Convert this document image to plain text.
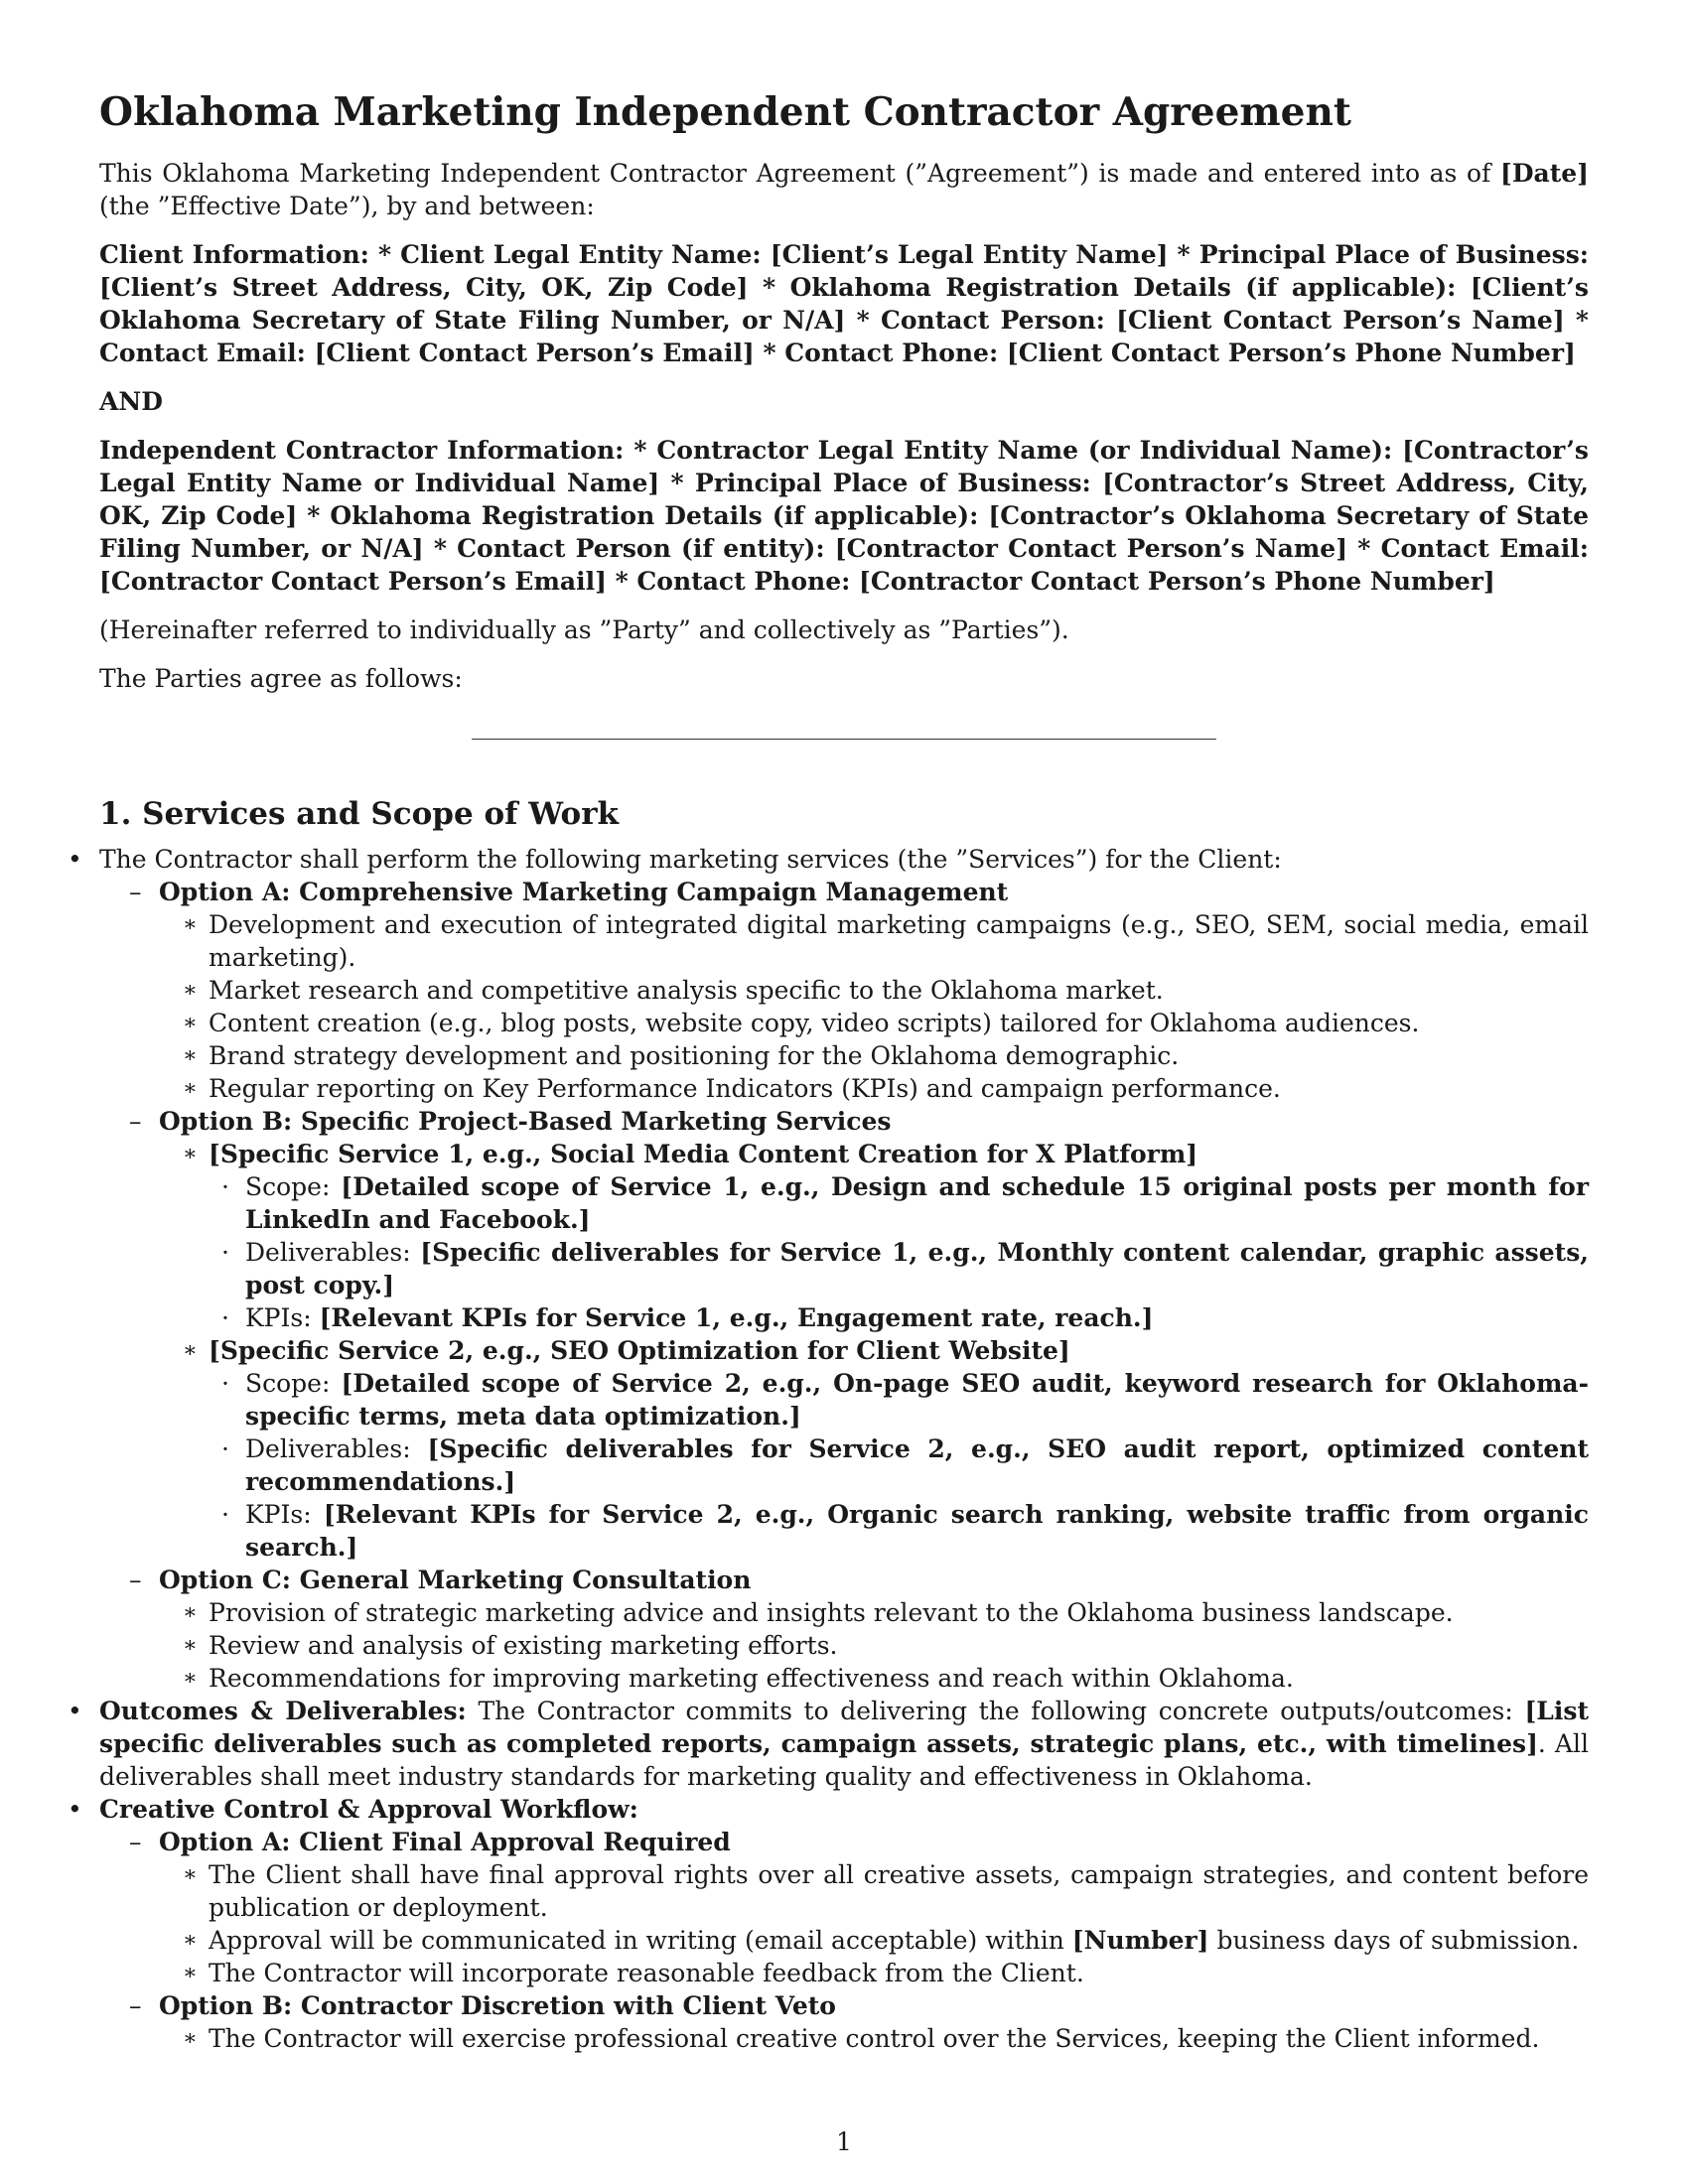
Oklahoma Marketing Independent Contractor Agreement

This Oklahoma Marketing Independent Contractor Agreement (”Agreement”) is made and entered into as of [Date] (the ”Effective Date”), by and between:

Client Information: * Client Legal Entity Name: [Client’s Legal Entity Name] * Principal Place of Business: [Client’s Street Address, City, OK, Zip Code] * Oklahoma Registration Details (if applicable): [Client’s Oklahoma Secretary of State Filing Number, or N/A] * Contact Person: [Client Contact Person’s Name] * Contact Email: [Client Contact Person’s Email] * Contact Phone: [Client Contact Person’s Phone Number]

AND

Independent Contractor Information: * Contractor Legal Entity Name (or Individual Name): [Contractor’s Legal Entity Name or Individual Name] * Principal Place of Business: [Contractor’s Street Address, City, OK, Zip Code] * Oklahoma Registration Details (if applicable): [Contractor’s Oklahoma Secretary of State Filing Number, or N/A] * Contact Person (if entity): [Contractor Contact Person’s Name] * Contact Email: [Contractor Contact Person’s Email] * Contact Phone: [Contractor Contact Person’s Phone Number]

(Hereinafter referred to individually as ”Party” and collectively as ”Parties”).

The Parties agree as follows:

1. Services and Scope of Work
• The Contractor shall perform the following marketing services (the ”Services”) for the Client:
– Option A: Comprehensive Marketing Campaign Management
∗ Development and execution of integrated digital marketing campaigns (e.g., SEO, SEM, social media, email marketing).
∗ Market research and competitive analysis specific to the Oklahoma market.
∗ Content creation (e.g., blog posts, website copy, video scripts) tailored for Oklahoma audiences.
∗ Brand strategy development and positioning for the Oklahoma demographic.
∗ Regular reporting on Key Performance Indicators (KPIs) and campaign performance.
– Option B: Specific Project-Based Marketing Services
∗ [Specific Service 1, e.g., Social Media Content Creation for X Platform]
· Scope: [Detailed scope of Service 1, e.g., Design and schedule 15 original posts per month for LinkedIn and Facebook.]
· Deliverables: [Specific deliverables for Service 1, e.g., Monthly content calendar, graphic assets, post copy.]
· KPIs: [Relevant KPIs for Service 1, e.g., Engagement rate, reach.]
∗ [Specific Service 2, e.g., SEO Optimization for Client Website]
· Scope: [Detailed scope of Service 2, e.g., On-page SEO audit, keyword research for Oklahoma-specific terms, meta data optimization.]
· Deliverables: [Specific deliverables for Service 2, e.g., SEO audit report, optimized content recommendations.]
· KPIs: [Relevant KPIs for Service 2, e.g., Organic search ranking, website traffic from organic search.]
– Option C: General Marketing Consultation
∗ Provision of strategic marketing advice and insights relevant to the Oklahoma business landscape.
∗ Review and analysis of existing marketing efforts.
∗ Recommendations for improving marketing effectiveness and reach within Oklahoma.
• Outcomes & Deliverables: The Contractor commits to delivering the following concrete outputs/outcomes: [List specific deliverables such as completed reports, campaign assets, strategic plans, etc., with timelines]. All deliverables shall meet industry standards for marketing quality and effectiveness in Oklahoma.
• Creative Control & Approval Workflow:
– Option A: Client Final Approval Required
∗ The Client shall have final approval rights over all creative assets, campaign strategies, and content before publication or deployment.
∗ Approval will be communicated in writing (email acceptable) within [Number] business days of submission.
∗ The Contractor will incorporate reasonable feedback from the Client.
– Option B: Contractor Discretion with Client Veto
∗ The Contractor will exercise professional creative control over the Services, keeping the Client informed.
1
